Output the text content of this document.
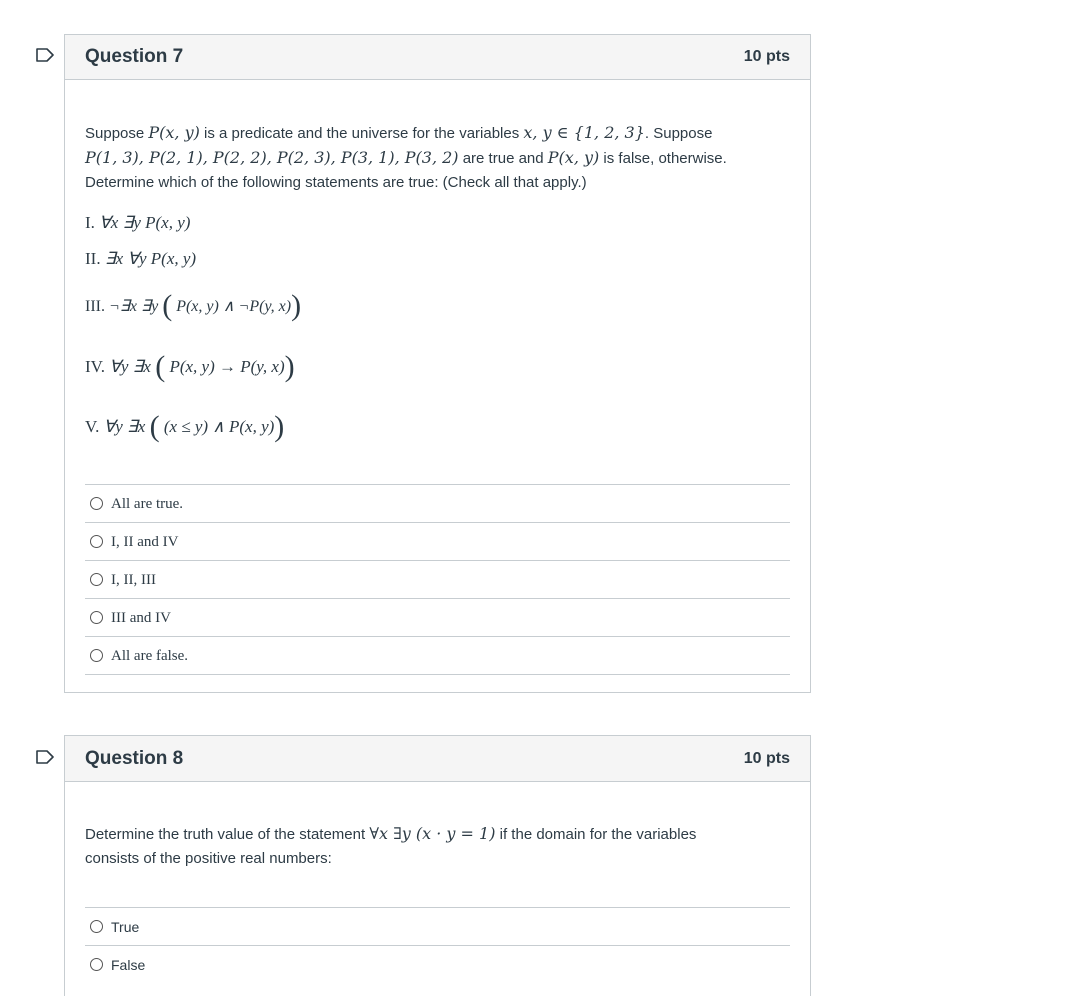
Question 7	10 pts
Suppose P(x, y) is a predicate and the universe for the variables x, y ∈ {1, 2, 3}. Suppose
P(1, 3), P(2, 1), P(2, 2), P(2, 3), P(3, 1), P(3, 2) are true and P(x, y) is false, otherwise.
Determine which of the following statements are true: (Check all that apply.)
I. ∀x ∃y P(x, y)
II. ∃x ∀y P(x, y)
III. ¬∃x ∃y ( P(x, y) ∧ ¬P(y, x))
IV. ∀y ∃x ( P(x, y) → P(y, x))
V. ∀y ∃x ( (x ≤ y) ∧ P(x, y))
All are true.
I, II and IV
I, II, III
III and IV
All are false.
Question 8	10 pts
Determine the truth value of the statement ∀x ∃y (x · y = 1) if the domain for the variables
consists of the positive real numbers:
True
False
